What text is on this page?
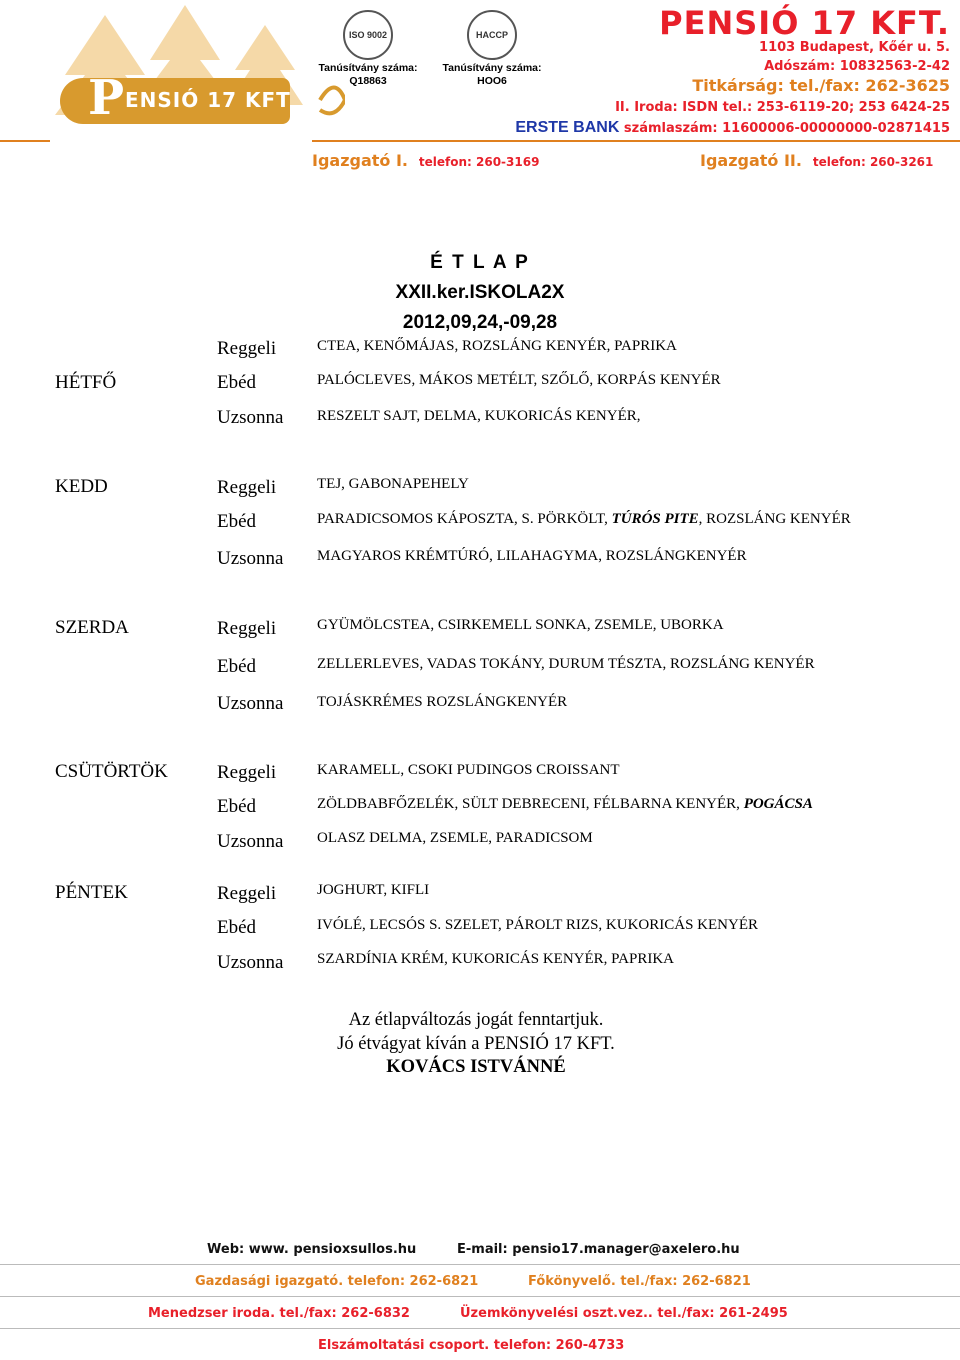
P ENSIÓ 17 KFT
ISO 9002
Tanúsítvány száma:
Q18863
HACCP
Tanúsítvány száma:
HOO6
PENSIÓ 17 KFT.
1103 Budapest, Kőér u. 5.
Adószám: 10832563-2-42
Titkárság: tel./fax: 262-3625
II. Iroda: ISDN tel.: 253-6119-20; 253 6424-25
ERSTE BANK számlaszám: 11600006-00000000-02871415
Igazgató I. telefon: 260-3169	Igazgató II. telefon: 260-3261
É T L A P
XXII.ker.ISKOLA2X
2012,09,24,-09,28
Reggeli	CTEA, KENŐMÁJAS, ROZSLÁNG KENYÉR, PAPRIKA
HÉTFŐ	Ebéd	PALÓCLEVES, MÁKOS METÉLT, SZŐLŐ, KORPÁS KENYÉR
Uzsonna RESZELT SAJT, DELMA, KUKORICÁS KENYÉR,
KEDD	Reggeli	TEJ, GABONAPEHELY
Ebéd	PARADICSOMOS KÁPOSZTA, S. PÖRKÖLT, TÚRÓS PITE, ROZSLÁNG KENYÉR
Uzsonna MAGYAROS KRÉMTÚRÓ, LILAHAGYMA, ROZSLÁNGKENYÉR
SZERDA	Reggeli	GYÜMÖLCSTEA, CSIRKEMELL SONKA, ZSEMLE, UBORKA
Ebéd	ZELLERLEVES, VADAS TOKÁNY, DURUM TÉSZTA, ROZSLÁNG KENYÉR
Uzsonna TOJÁSKRÉMES ROZSLÁNGKENYÉR
CSÜTÖRTÖK	Reggeli	KARAMELL, CSOKI PUDINGOS CROISSANT
Ebéd	ZÖLDBABFŐZELÉK, SÜLT DEBRECENI, FÉLBARNA KENYÉR, POGÁCSA
Uzsonna OLASZ DELMA, ZSEMLE, PARADICSOM
PÉNTEK	Reggeli	JOGHURT, KIFLI
Ebéd	IVÓLÉ, LECSÓS S. SZELET, PÁROLT RIZS, KUKORICÁS KENYÉR
Uzsonna SZARDÍNIA KRÉM, KUKORICÁS KENYÉR, PAPRIKA
Az étlapváltozás jogát fenntartjuk.
Jó étvágyat kíván a PENSIÓ 17 KFT.
KOVÁCS ISTVÁNNÉ
Web: www. pensioxsullos.hu	E-mail: pensio17.manager@axelero.hu
Gazdasági igazgató. telefon: 262-6821	Főkönyvelő. tel./fax: 262-6821
Menedzser iroda. tel./fax: 262-6832	Üzemkönyvelési oszt.vez.. tel./fax: 261-2495
Elszámoltatási csoport. telefon: 260-4733
